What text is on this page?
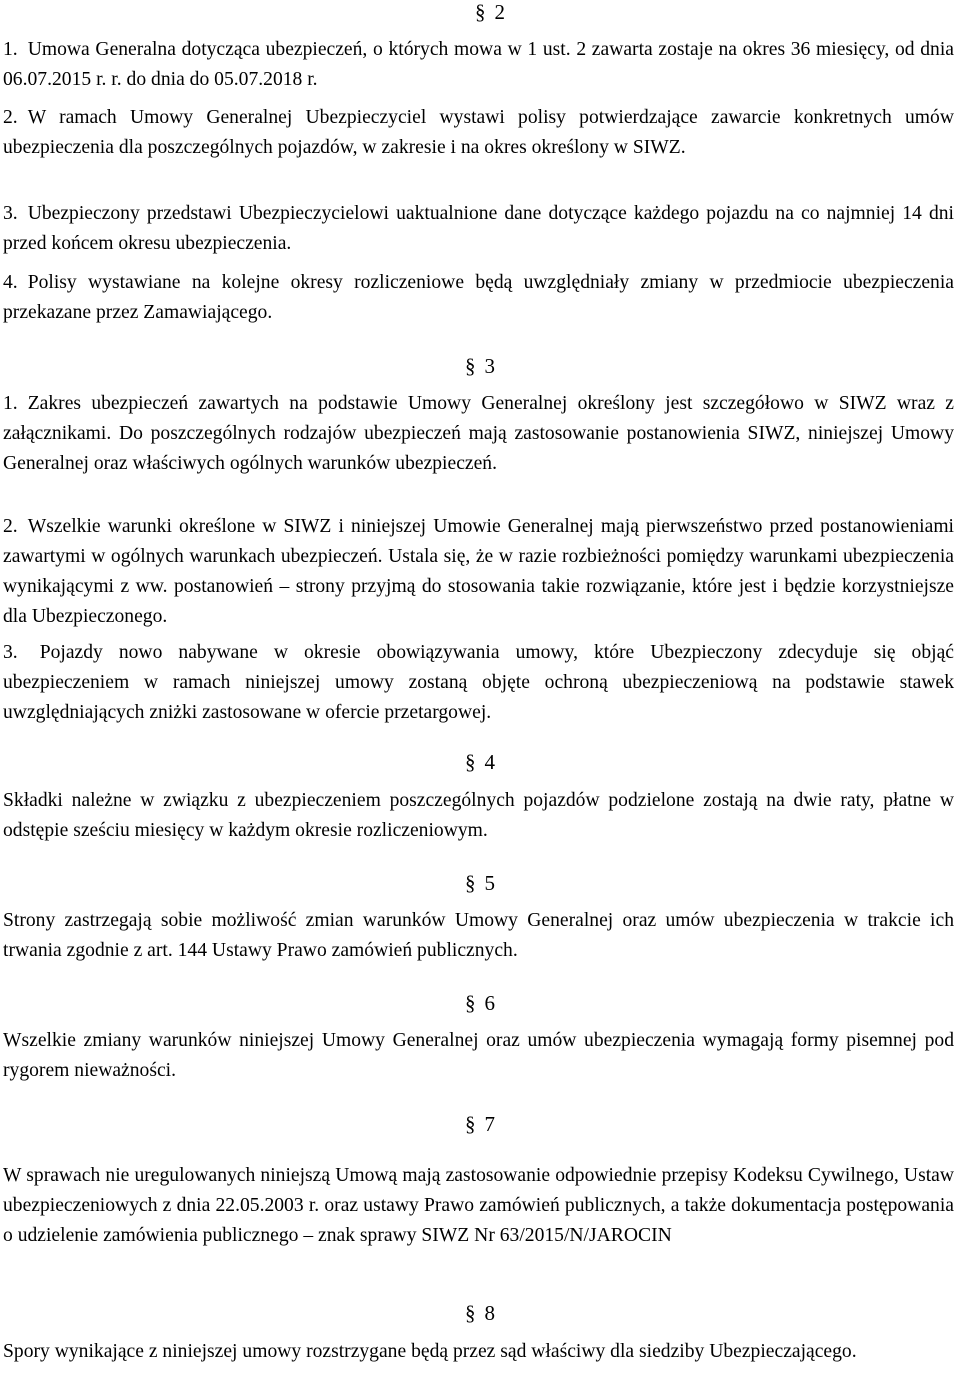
§ 2
1. Umowa Generalna dotycząca ubezpieczeń, o których mowa w 1 ust. 2 zawarta zostaje na okres 36 miesięcy, od dnia 06.07.2015 r. r. do dnia do 05.07.2018 r.
2. W ramach Umowy Generalnej Ubezpieczyciel wystawi polisy potwierdzające zawarcie konkretnych umów ubezpieczenia dla poszczególnych pojazdów, w zakresie i na okres określony w SIWZ.
3. Ubezpieczony przedstawi Ubezpieczycielowi uaktualnione dane dotyczące każdego pojazdu na co najmniej 14 dni przed końcem okresu ubezpieczenia.
4. Polisy wystawiane na kolejne okresy rozliczeniowe będą uwzględniały zmiany w przedmiocie ubezpieczenia przekazane przez Zamawiającego.
§ 3
1. Zakres ubezpieczeń zawartych na podstawie Umowy Generalnej określony jest szczegółowo w SIWZ wraz z załącznikami. Do poszczególnych rodzajów ubezpieczeń mają zastosowanie postanowienia SIWZ, niniejszej Umowy Generalnej oraz właściwych ogólnych warunków ubezpieczeń.
2. Wszelkie warunki określone w SIWZ i niniejszej Umowie Generalnej mają pierwszeństwo przed postanowieniami zawartymi w ogólnych warunkach ubezpieczeń. Ustala się, że w razie rozbieżności pomiędzy warunkami ubezpieczenia wynikającymi z ww. postanowień – strony przyjmą do stosowania takie rozwiązanie, które jest i będzie korzystniejsze dla Ubezpieczonego.
3. Pojazdy nowo nabywane w okresie obowiązywania umowy, które Ubezpieczony zdecyduje się objąć ubezpieczeniem w ramach niniejszej umowy zostaną objęte ochroną ubezpieczeniową na podstawie stawek uwzględniających zniżki zastosowane w ofercie przetargowej.
§ 4
Składki należne w związku z ubezpieczeniem poszczególnych pojazdów podzielone zostają na dwie raty, płatne w odstępie sześciu miesięcy w każdym okresie rozliczeniowym.
§ 5
Strony zastrzegają sobie możliwość zmian warunków Umowy Generalnej oraz umów ubezpieczenia w trakcie ich trwania zgodnie z art. 144 Ustawy Prawo zamówień publicznych.
§ 6
Wszelkie zmiany warunków niniejszej Umowy Generalnej oraz umów ubezpieczenia wymagają formy pisemnej pod rygorem nieważności.
§ 7
W sprawach nie uregulowanych niniejszą Umową mają zastosowanie odpowiednie przepisy Kodeksu Cywilnego, Ustaw ubezpieczeniowych z dnia 22.05.2003 r. oraz ustawy Prawo zamówień publicznych, a także dokumentacja postępowania o udzielenie zamówienia publicznego – znak sprawy SIWZ Nr 63/2015/N/JAROCIN
§ 8
Spory wynikające z niniejszej umowy rozstrzygane będą przez sąd właściwy dla siedziby Ubezpieczającego.
